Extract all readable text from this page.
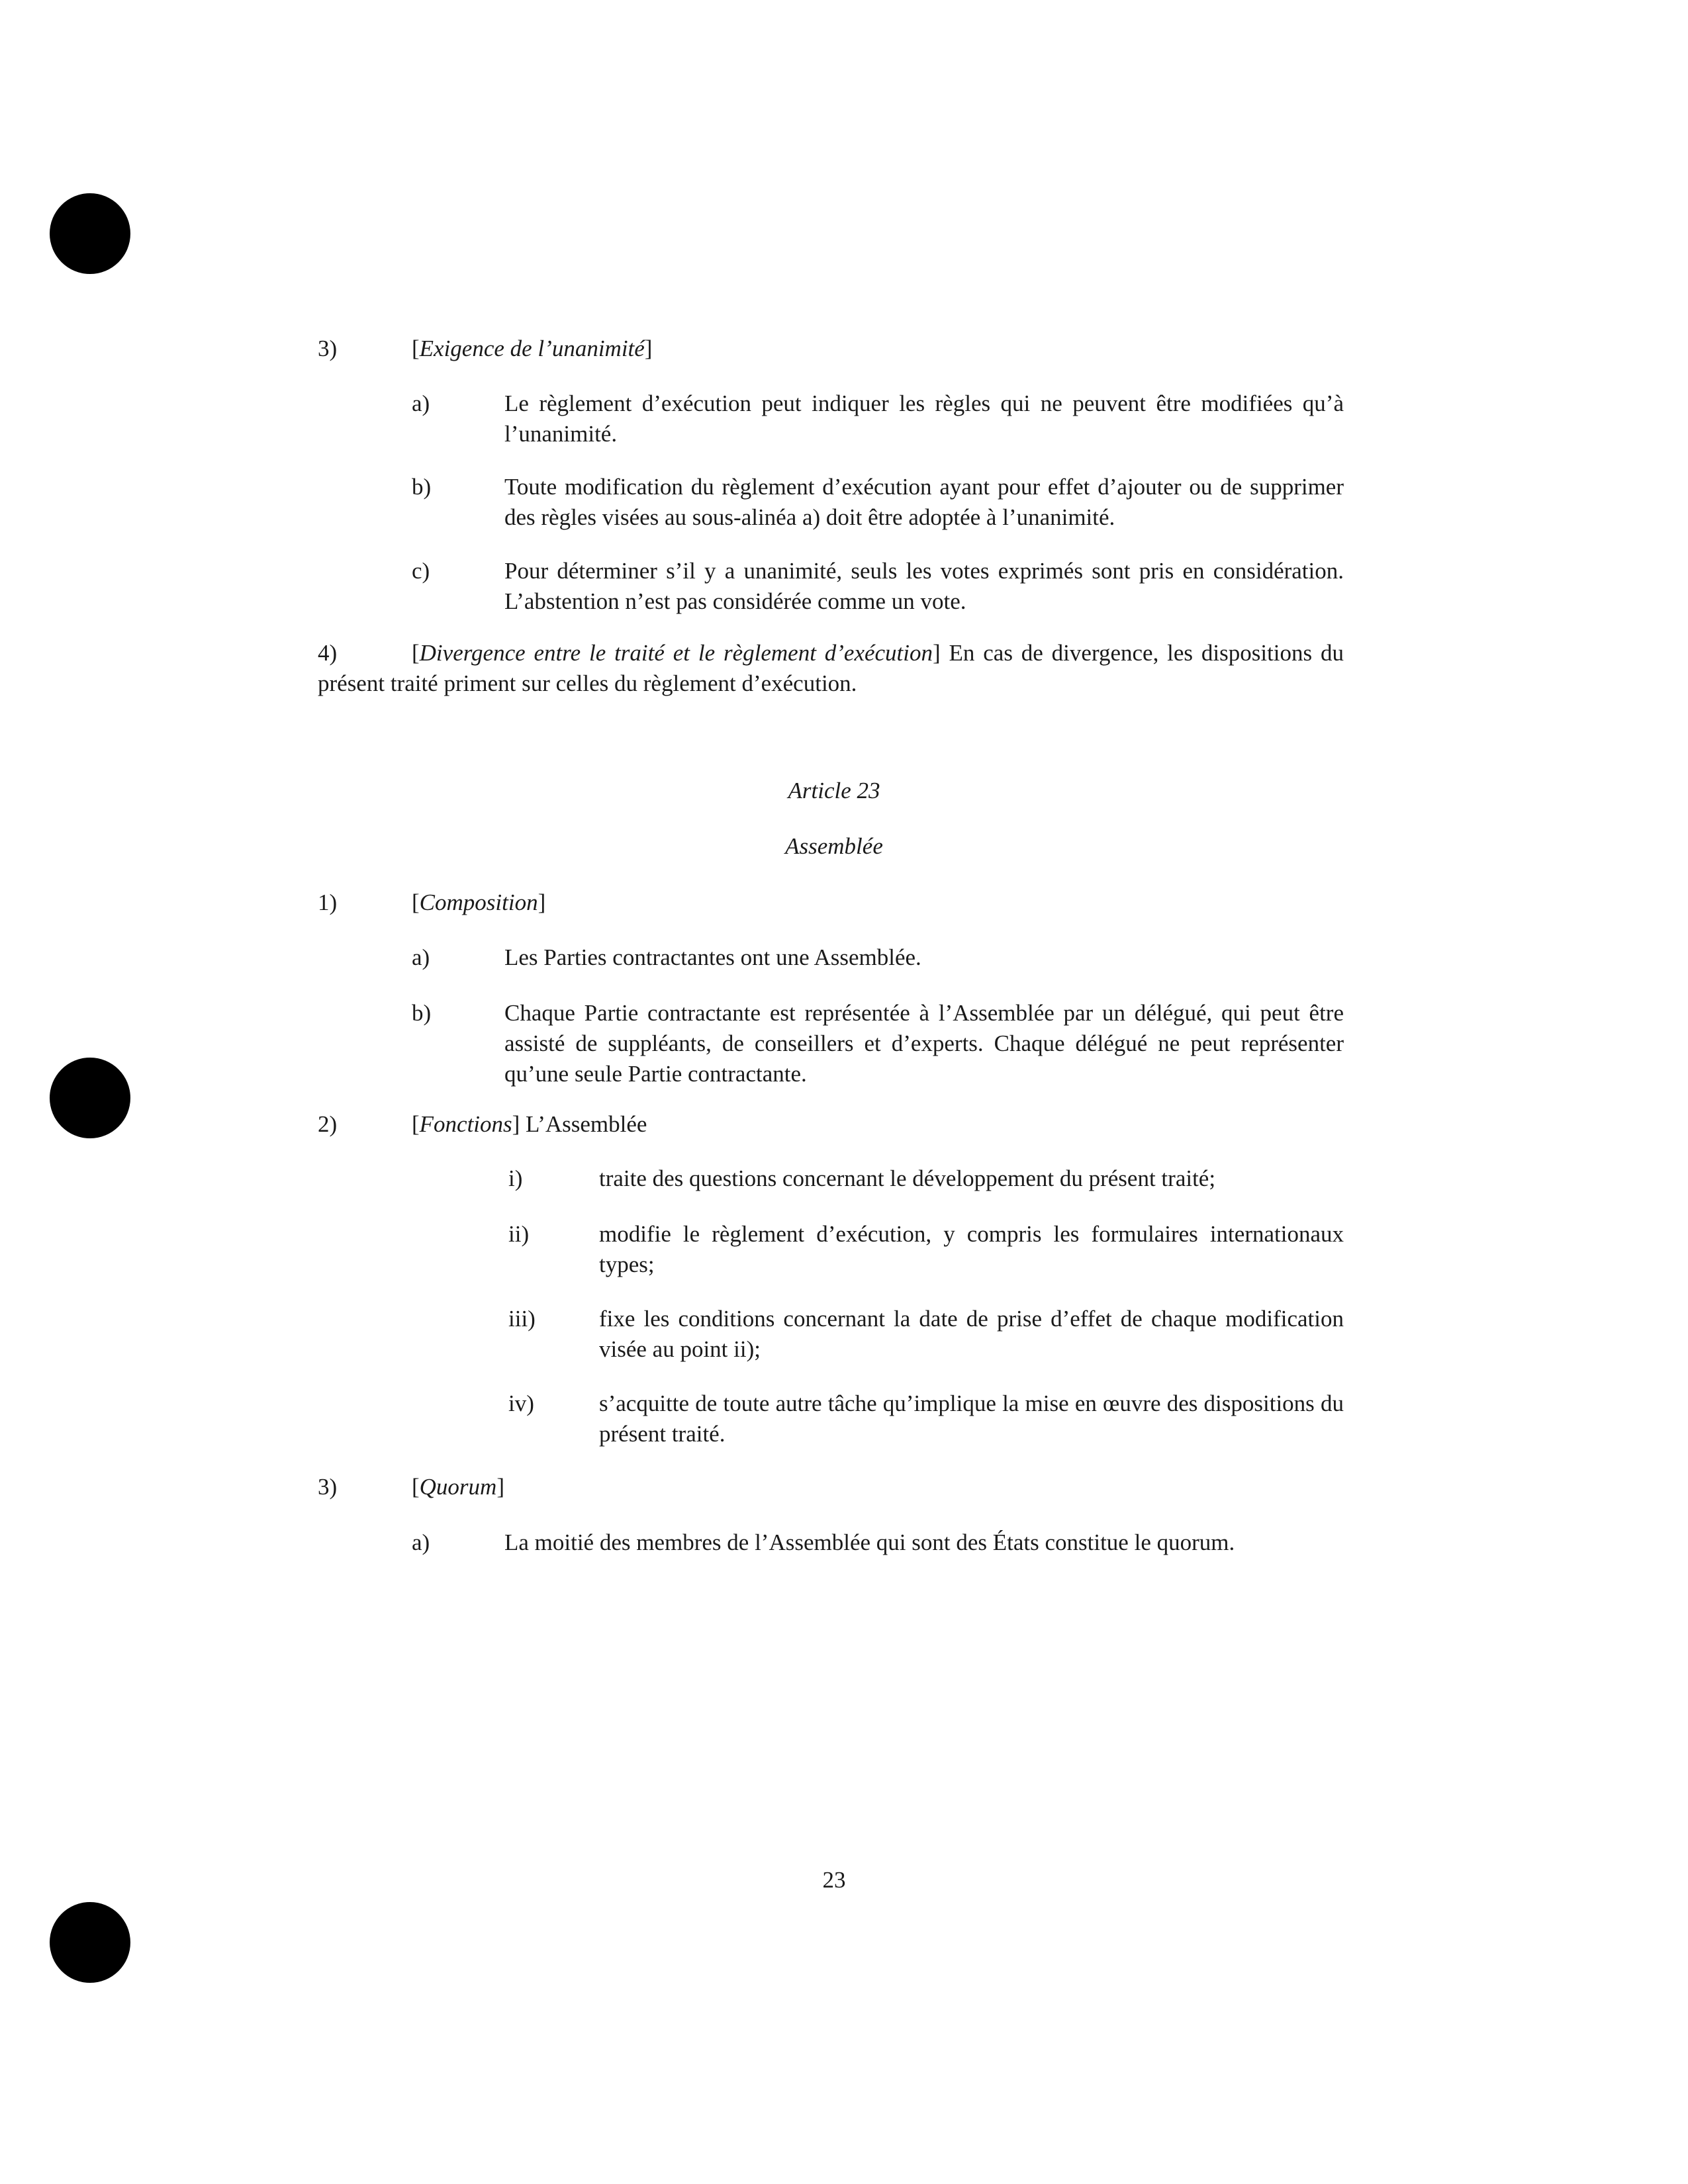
3)	[Exigence de l’unanimité]
a)	Le règlement d’exécution peut indiquer les règles qui ne peuvent être modifiées qu’à l’unanimité.
b)	Toute modification du règlement d’exécution ayant pour effet d’ajouter ou de supprimer des règles visées au sous-alinéa a) doit être adoptée à l’unanimité.
c)	Pour déterminer s’il y a unanimité, seuls les votes exprimés sont pris en considération. L’abstention n’est pas considérée comme un vote.
4)	[Divergence entre le traité et le règlement d’exécution] En cas de divergence, les dispositions du présent traité priment sur celles du règlement d’exécution.
Article 23
Assemblée
1)	[Composition]
a)	Les Parties contractantes ont une Assemblée.
b)	Chaque Partie contractante est représentée à l’Assemblée par un délégué, qui peut être assisté de suppléants, de conseillers et d’experts. Chaque délégué ne peut représenter qu’une seule Partie contractante.
2)	[Fonctions] L’Assemblée
i)	traite des questions concernant le développement du présent traité;
ii)	modifie le règlement d’exécution, y compris les formulaires internationaux types;
iii)	fixe les conditions concernant la date de prise d’effet de chaque modification visée au point ii);
iv)	s’acquitte de toute autre tâche qu’implique la mise en œuvre des dispositions du présent traité.
3)	[Quorum]
a)	La moitié des membres de l’Assemblée qui sont des États constitue le quorum.
23
